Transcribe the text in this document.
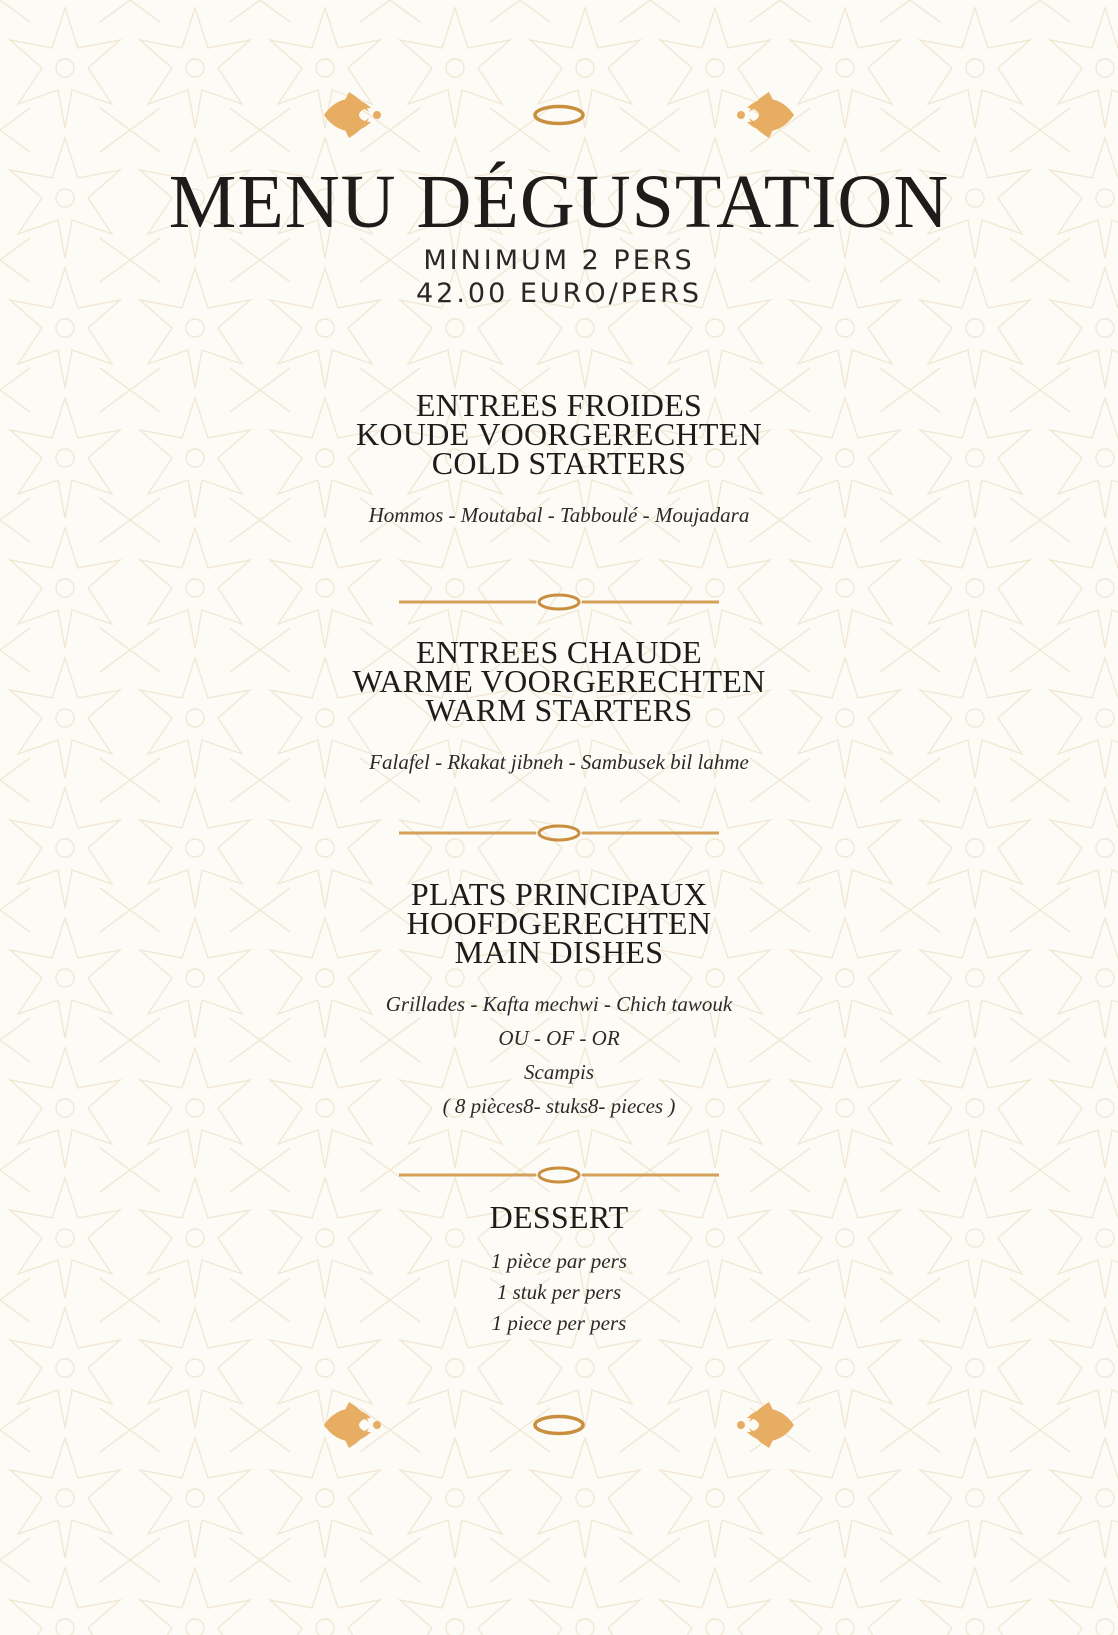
MENU DÉGUSTATION
MINIMUM 2 PERS
42.00 EURO/PERS
ENTREES FROIDES
KOUDE VOORGERECHTEN
COLD STARTERS
Hommos - Moutabal - Tabboulé - Moujadara
ENTREES CHAUDE
WARME VOORGERECHTEN
WARM STARTERS
Falafel - Rkakat jibneh - Sambusek bil lahme
PLATS PRINCIPAUX
HOOFDGERECHTEN
MAIN DISHES
Grillades - Kafta mechwi - Chich tawouk
OU - OF - OR
Scampis
( 8 pièces8- stuks8- pieces )
DESSERT
1 pièce par pers
1 stuk per pers
1 piece per pers
